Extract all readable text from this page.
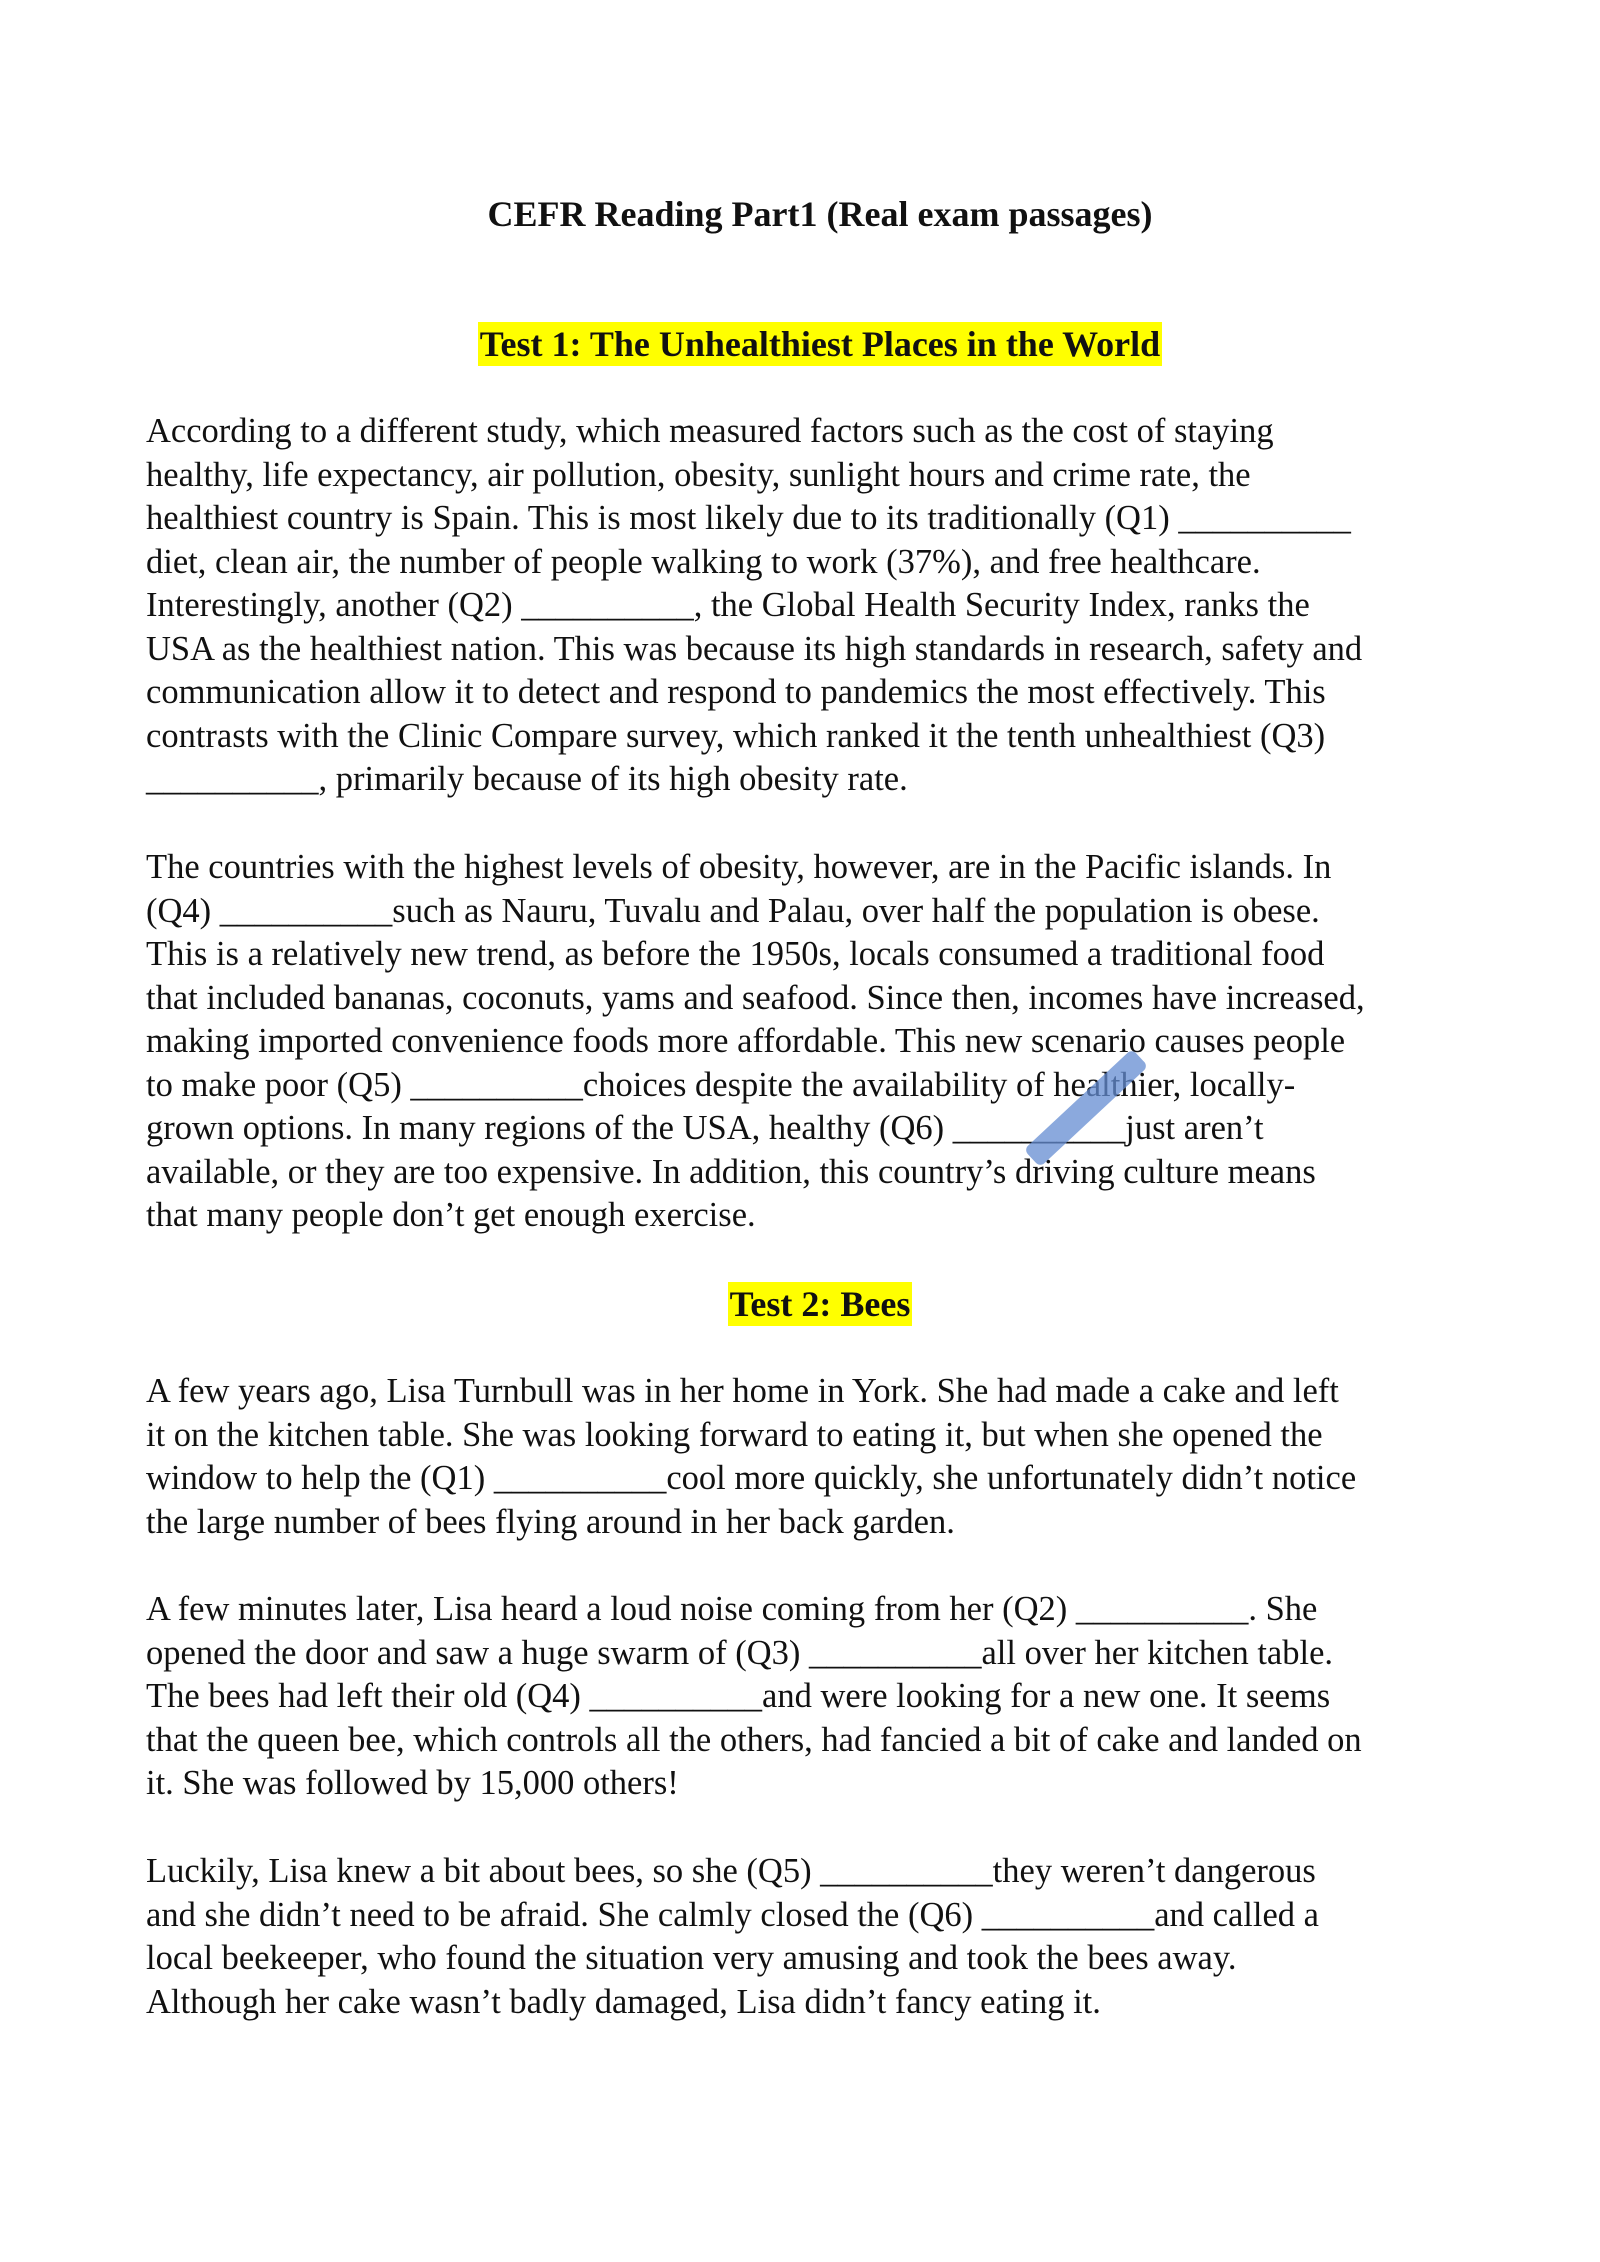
CEFR Reading Part1 (Real exam passages)
Test 1: The Unhealthiest Places in the World

According to a different study, which measured factors such as the cost of staying
healthy, life expectancy, air pollution, obesity, sunlight hours and crime rate, the
healthiest country is Spain. This is most likely due to its traditionally (Q1) __________
diet, clean air, the number of people walking to work (37%), and free healthcare.
Interestingly, another (Q2) __________, the Global Health Security Index, ranks the
USA as the healthiest nation. This was because its high standards in research, safety and
communication allow it to detect and respond to pandemics the most effectively. This
contrasts with the Clinic Compare survey, which ranked it the tenth unhealthiest (Q3)
__________, primarily because of its high obesity rate.

The countries with the highest levels of obesity, however, are in the Pacific islands. In
(Q4) __________such as Nauru, Tuvalu and Palau, over half the population is obese.
This is a relatively new trend, as before the 1950s, locals consumed a traditional food
that included bananas, coconuts, yams and seafood. Since then, incomes have increased,
making imported convenience foods more affordable. This new scenario causes people
to make poor (Q5) __________choices despite the availability of locally-
grown options. In many regions of the USA, healthy (Q6) aren’t
available, or they are too expensive. In addition, this country’s driving culture means
that many people don’t get enough exercise.

Test 2: Bees

A few years ago, Lisa Turnbull was in her home in York. She had made a cake and left
it on the kitchen table. She was looking forward to eating it, but when she opened the
window to help the (Q1) __________cool more quickly, she unfortunately didn’t notice
the large number of bees flying around in her back garden.

A few minutes later, Lisa heard a loud noise coming from her (Q2) __________. She
opened the door and saw a huge swarm of (Q3) __________all over her kitchen table.
The bees had left their old (Q4) __________and were looking for a new one. It seems
that the queen bee, which controls all the others, had fancied a bit of cake and landed on
it. She was followed by 15,000 others!

Luckily, Lisa knew a bit about bees, so she (Q5) __________they weren’t dangerous
and she didn’t need to be afraid. She calmly closed the (Q6) __________and called a
local beekeeper, who found the situation very amusing and took the bees away.
Although her cake wasn’t badly damaged, Lisa didn’t fancy eating it.
